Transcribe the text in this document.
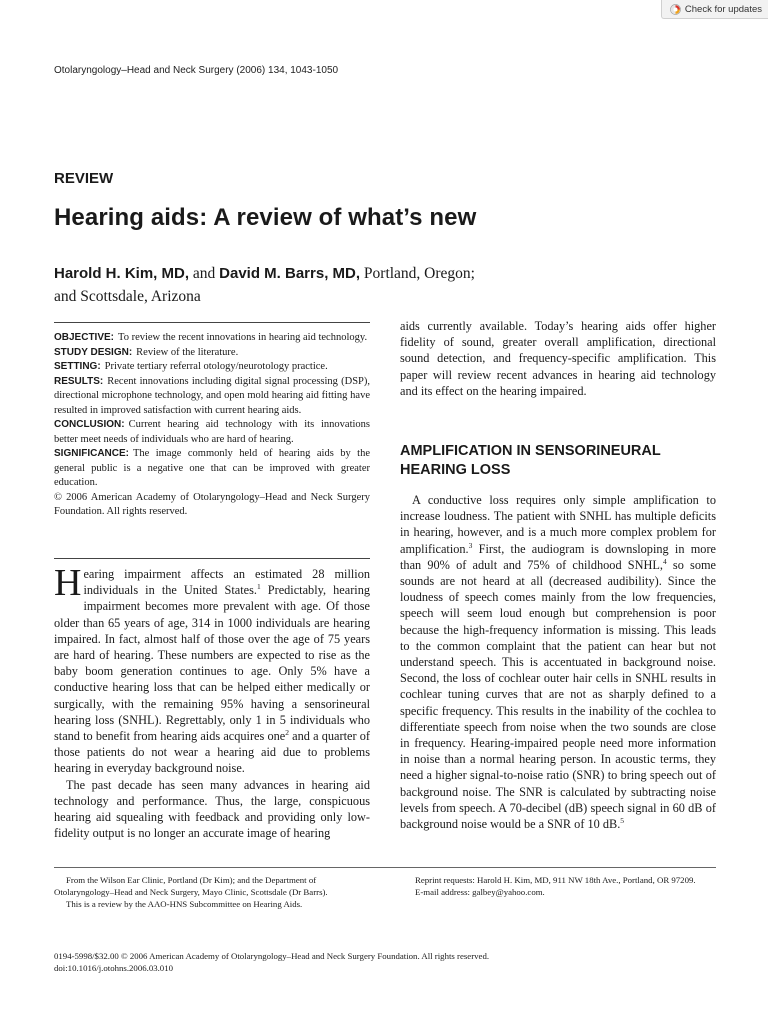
Check for updates
Otolaryngology–Head and Neck Surgery (2006) 134, 1043-1050
REVIEW
Hearing aids: A review of what’s new
Harold H. Kim, MD, and David M. Barrs, MD, Portland, Oregon;
and Scottsdale, Arizona

OBJECTIVE: To review the recent innovations in hearing aid technology.

STUDY DESIGN: Review of the literature.

SETTING: Private tertiary referral otology/neurotology practice.

RESULTS: Recent innovations including digital signal processing (DSP), directional microphone technology, and open mold hearing aid fitting have resulted in improved satisfaction with current hearing aids.

CONCLUSION: Current hearing aid technology with its innovations better meet needs of individuals who are hard of hearing.

SIGNIFICANCE: The image commonly held of hearing aids by the general public is a negative one that can be improved with greater education.

© 2006 American Academy of Otolaryngology–Head and Neck Surgery Foundation. All rights reserved.

Hearing impairment affects an estimated 28 million individuals in the United States.$^1$ Predictably, hearing impairment becomes more prevalent with age. Of those older than 65 years of age, 314 in 1000 individuals are hearing impaired. In fact, almost half of those over the age of 75 years are hard of hearing. These numbers are expected to rise as the baby boom generation continues to age. Only 5% have a conductive hearing loss that can be helped either medically or surgically, with the remaining 95% having a sensorineural hearing loss (SNHL). Regrettably, only 1 in 5 individuals who stand to benefit from hearing aids acquires one$^2$ and a quarter of those patients do not wear a hearing aid due to problems hearing in everyday background noise.

The past decade has seen many advances in hearing aid technology and performance. Thus, the large, conspicuous hearing aid squealing with feedback and providing only low-fidelity output is no longer an accurate image of hearing

aids currently available. Today’s hearing aids offer higher fidelity of sound, greater overall amplification, directional sound detection, and frequency-specific amplification. This paper will review recent advances in hearing aid technology and its effect on the hearing impaired.

AMPLIFICATION IN SENSORINEURAL HEARING LOSS

A conductive loss requires only simple amplification to increase loudness. The patient with SNHL has multiple deficits in hearing, however, and is a much more complex problem for amplification.$^3$ First, the audiogram is downsloping in more than 90% of adult and 75% of childhood SNHL,$^4$ so some sounds are not heard at all (decreased audibility). Since the loudness of speech comes mainly from the low frequencies, speech will seem loud enough but comprehension is poor because the high-frequency information is missing. This leads to the common complaint that the patient can hear but not understand speech. This is accentuated in background noise. Second, the loss of cochlear outer hair cells in SNHL results in cochlear tuning curves that are not as sharply defined to a specific frequency. This results in the inability of the cochlea to differentiate speech from noise when the two sounds are close in frequency. Hearing-impaired people need more information in noise than a normal hearing person. In acoustic terms, they need a higher signal-to-noise ratio (SNR) to bring speech out of background noise. The SNR is calculated by subtracting noise levels from speech. A 70-decibel (dB) speech signal in 60 dB of background noise would be a SNR of 10 dB.$^5$

From the Wilson Ear Clinic, Portland (Dr Kim); and the Department of Otolaryngology–Head and Neck Surgery, Mayo Clinic, Scottsdale (Dr Barrs).

This is a review by the AAO-HNS Subcommittee on Hearing Aids.

Reprint requests: Harold H. Kim, MD, 911 NW 18th Ave., Portland, OR 97209.

E-mail address: galbey@yahoo.com.

0194-5998/$32.00 © 2006 American Academy of Otolaryngology–Head and Neck Surgery Foundation. All rights reserved.
doi:10.1016/j.otohns.2006.03.010
